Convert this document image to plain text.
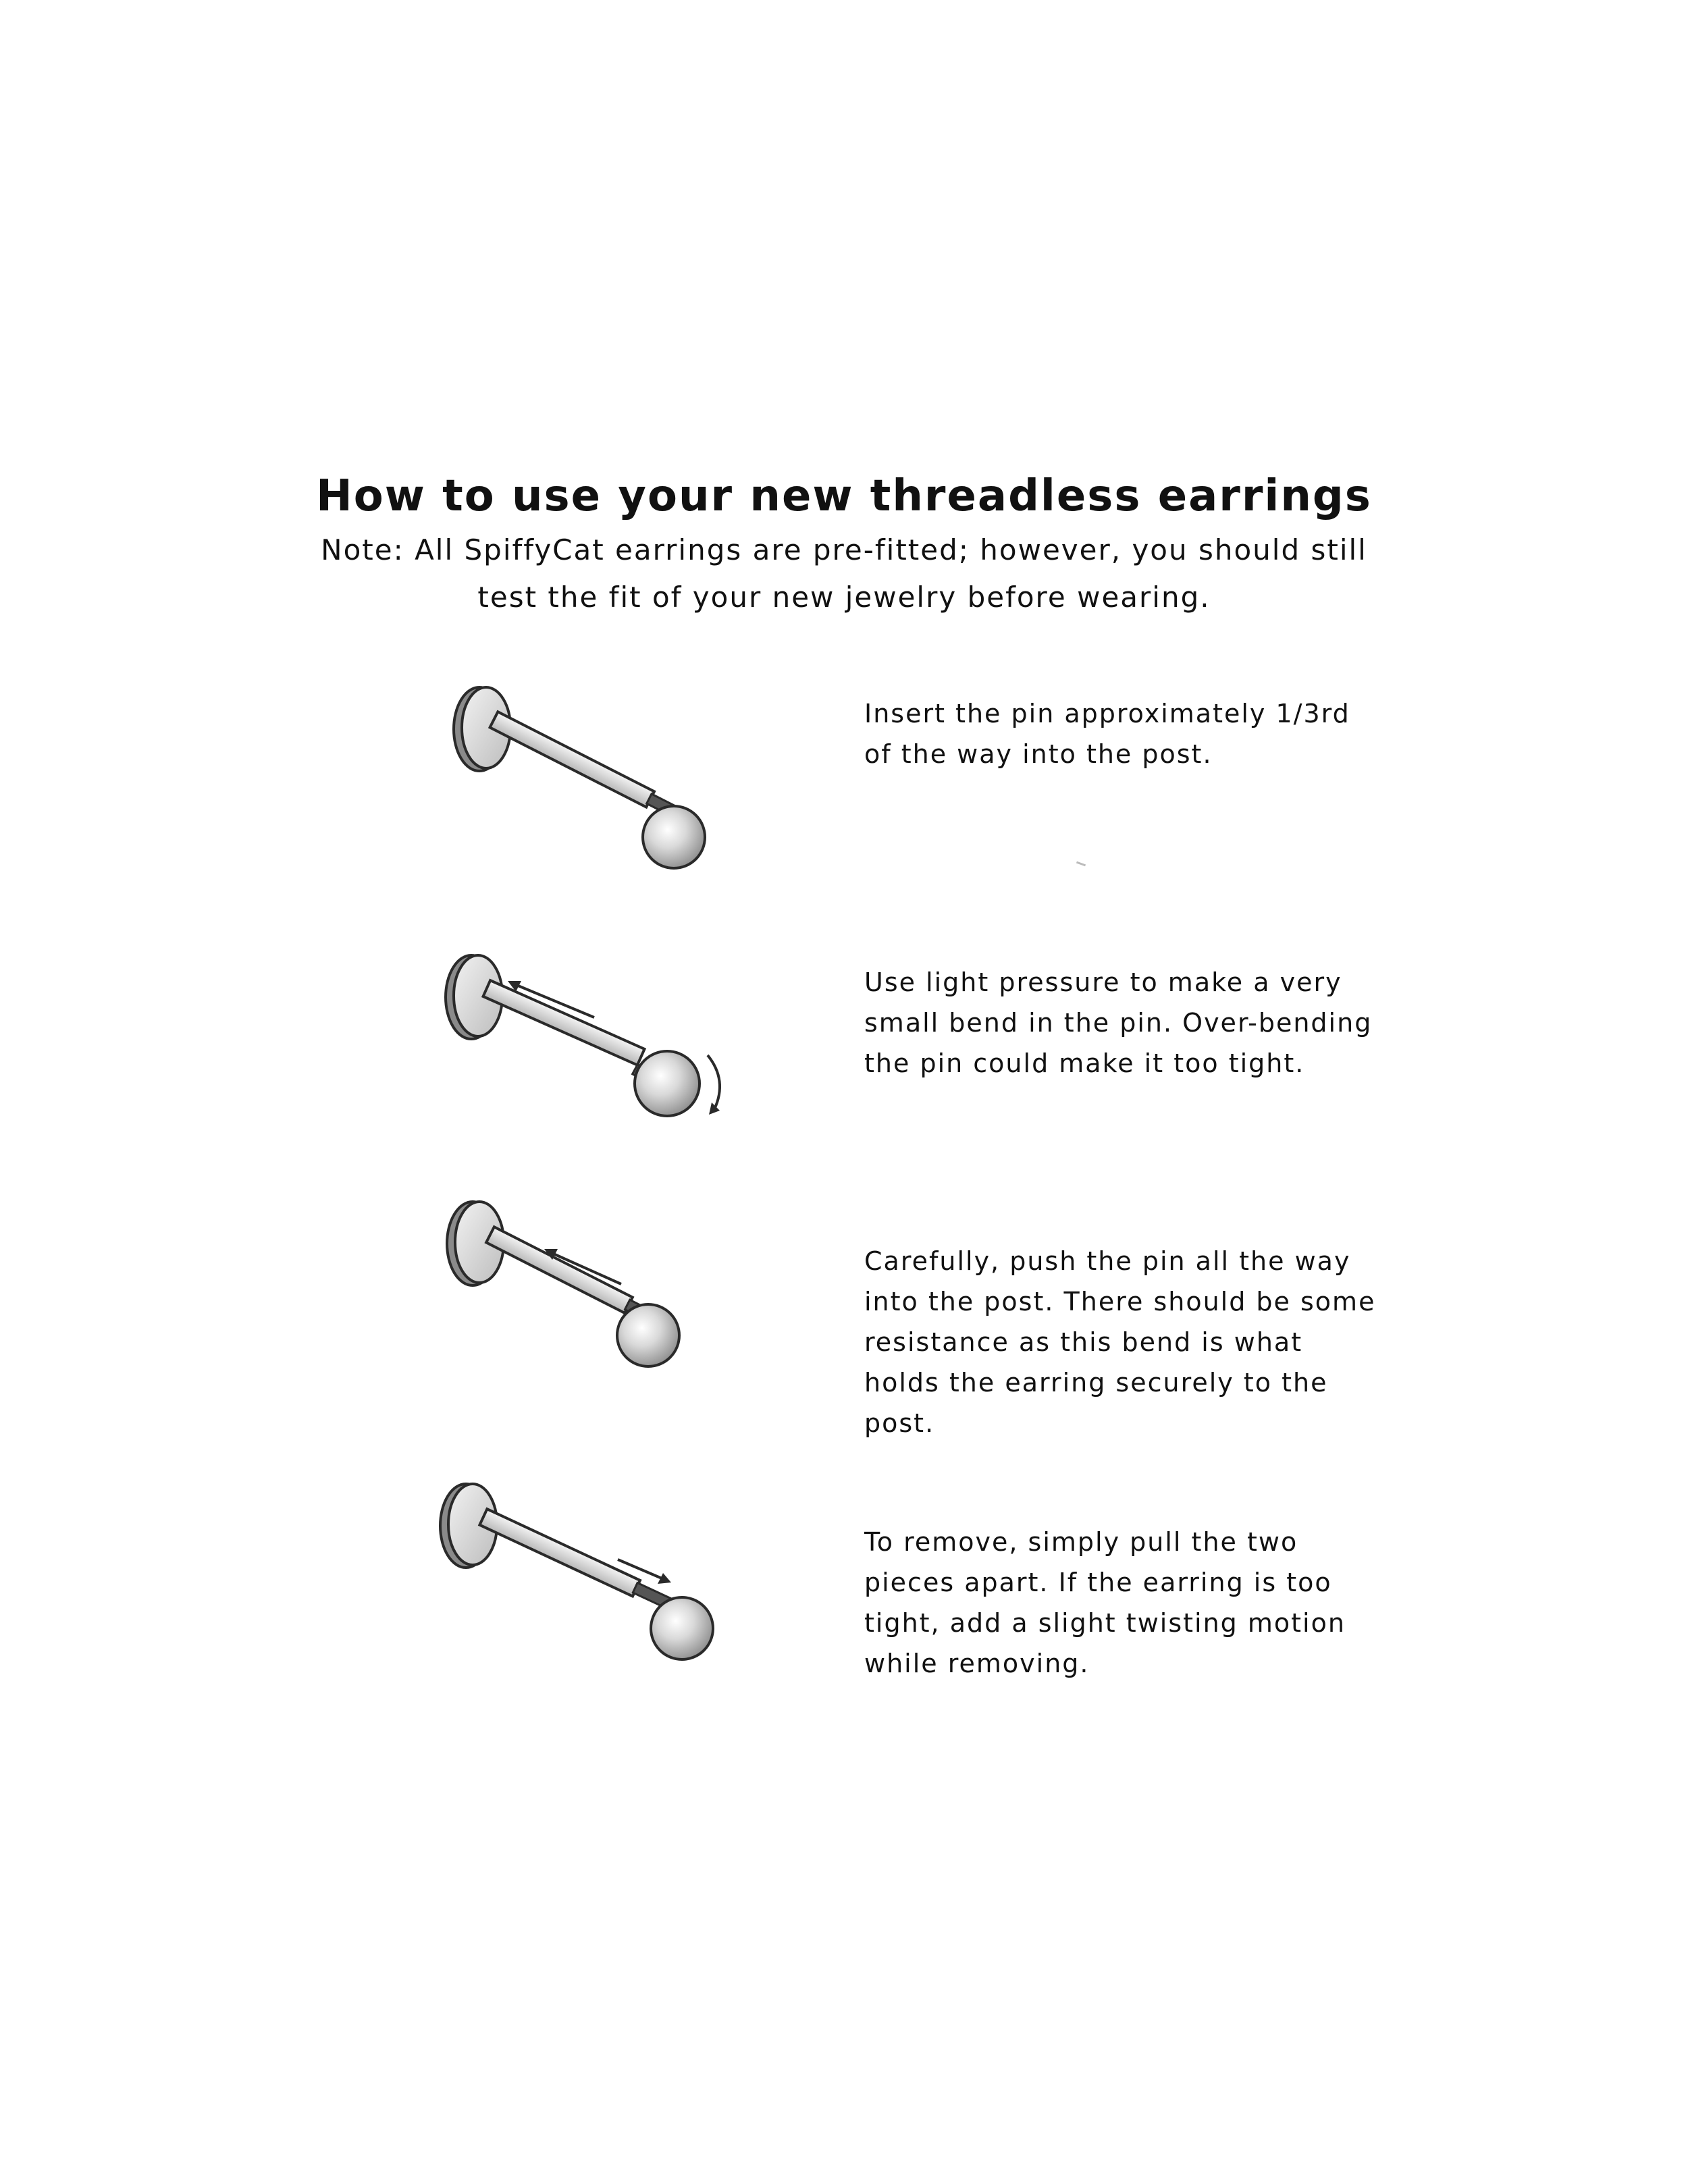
How to use your new threadless earrings

Note: All SpiffyCat earrings are pre-fitted; however, you should still test the fit of your new jewelry before wearing.

Insert the pin approximately 1/3rd of the way into the post.

Use light pressure to make a very small bend in the pin. Over-bending the pin could make it too tight.

Carefully, push the pin all the way into the post. There should be some resistance as this bend is what holds the earring securely to the post.

To remove, simply pull the two pieces apart. If the earring is too tight, add a slight twisting motion while removing.
